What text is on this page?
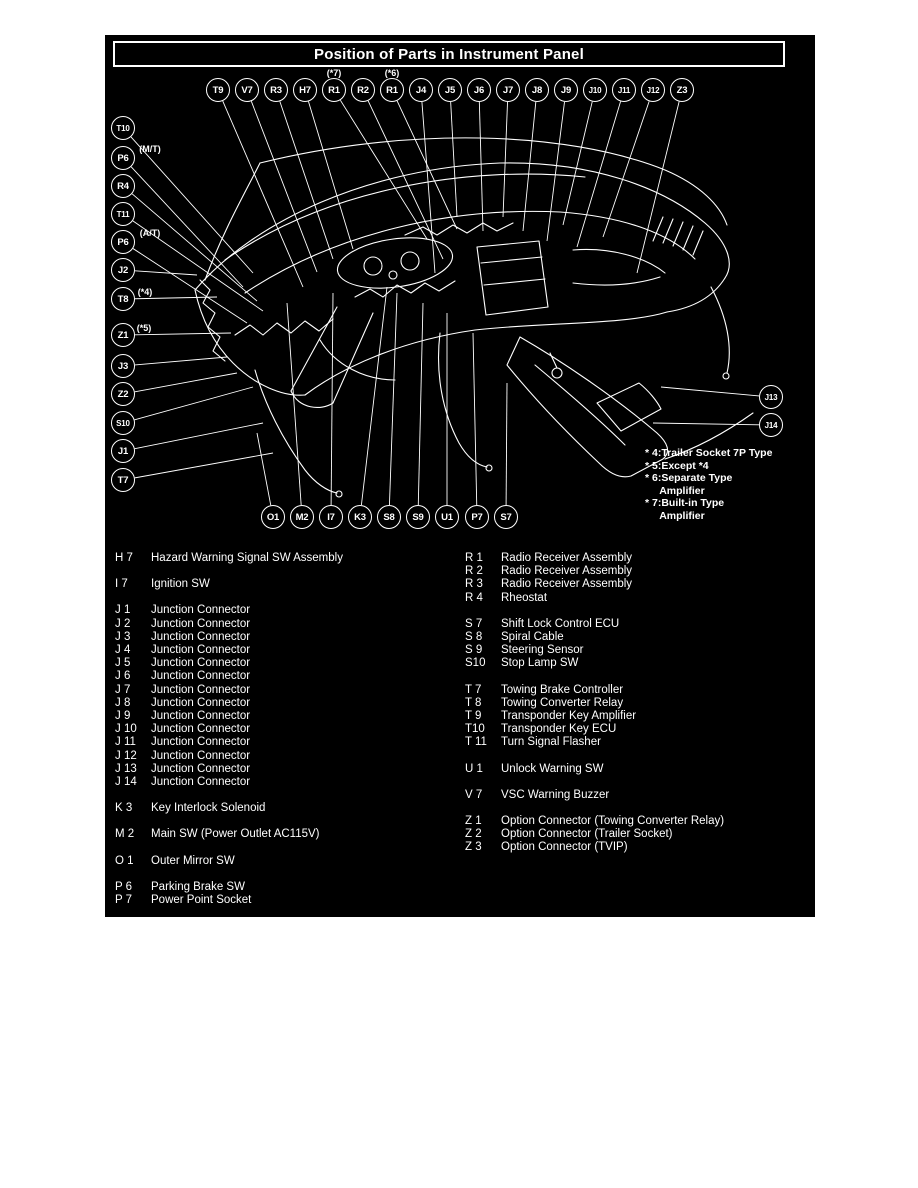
Position of Parts in Instrument Panel
T9	V7	R3	H7	R1
(*7)
R2	R1
(*6)
J4	J5	J6	J7	J8	J9	J10	J11	J12	Z3
T10
P6
(M/T)
R4
T11
P6
(A/T)
J2
T8
(*4)
Z1
(*5)
J3
Z2
S10
J1
T7
J13
J14
O1	M2	I7	K3	S8	S9	U1	P7	S7
* 4:Trailer Socket 7P Type
* 5:Except *4
* 6:Separate Type
Amplifier
* 7:Built-in Type
Amplifier
H 7	Hazard Warning Signal SW Assembly
I 7	Ignition SW
J 1	Junction Connector
J 2	Junction Connector
J 3	Junction Connector
J 4	Junction Connector
J 5	Junction Connector
J 6	Junction Connector
J 7	Junction Connector
J 8	Junction Connector
J 9	Junction Connector
J 10	Junction Connector
J 11	Junction Connector
J 12	Junction Connector
J 13	Junction Connector
J 14	Junction Connector
K 3	Key Interlock Solenoid
M 2	Main SW (Power Outlet AC115V)
O 1	Outer Mirror SW
P 6	Parking Brake SW
P 7	Power Point Socket
R 1	Radio Receiver Assembly
R 2	Radio Receiver Assembly
R 3	Radio Receiver Assembly
R 4	Rheostat
S 7	Shift Lock Control ECU
S 8	Spiral Cable
S 9	Steering Sensor
S10	Stop Lamp SW
T 7	Towing Brake Controller
T 8	Towing Converter Relay
T 9	Transponder Key Amplifier
T10	Transponder Key ECU
T 11	Turn Signal Flasher
U 1	Unlock Warning SW
V 7	VSC Warning Buzzer
Z 1	Option Connector (Towing Converter Relay)
Z 2	Option Connector (Trailer Socket)
Z 3	Option Connector (TVIP)
